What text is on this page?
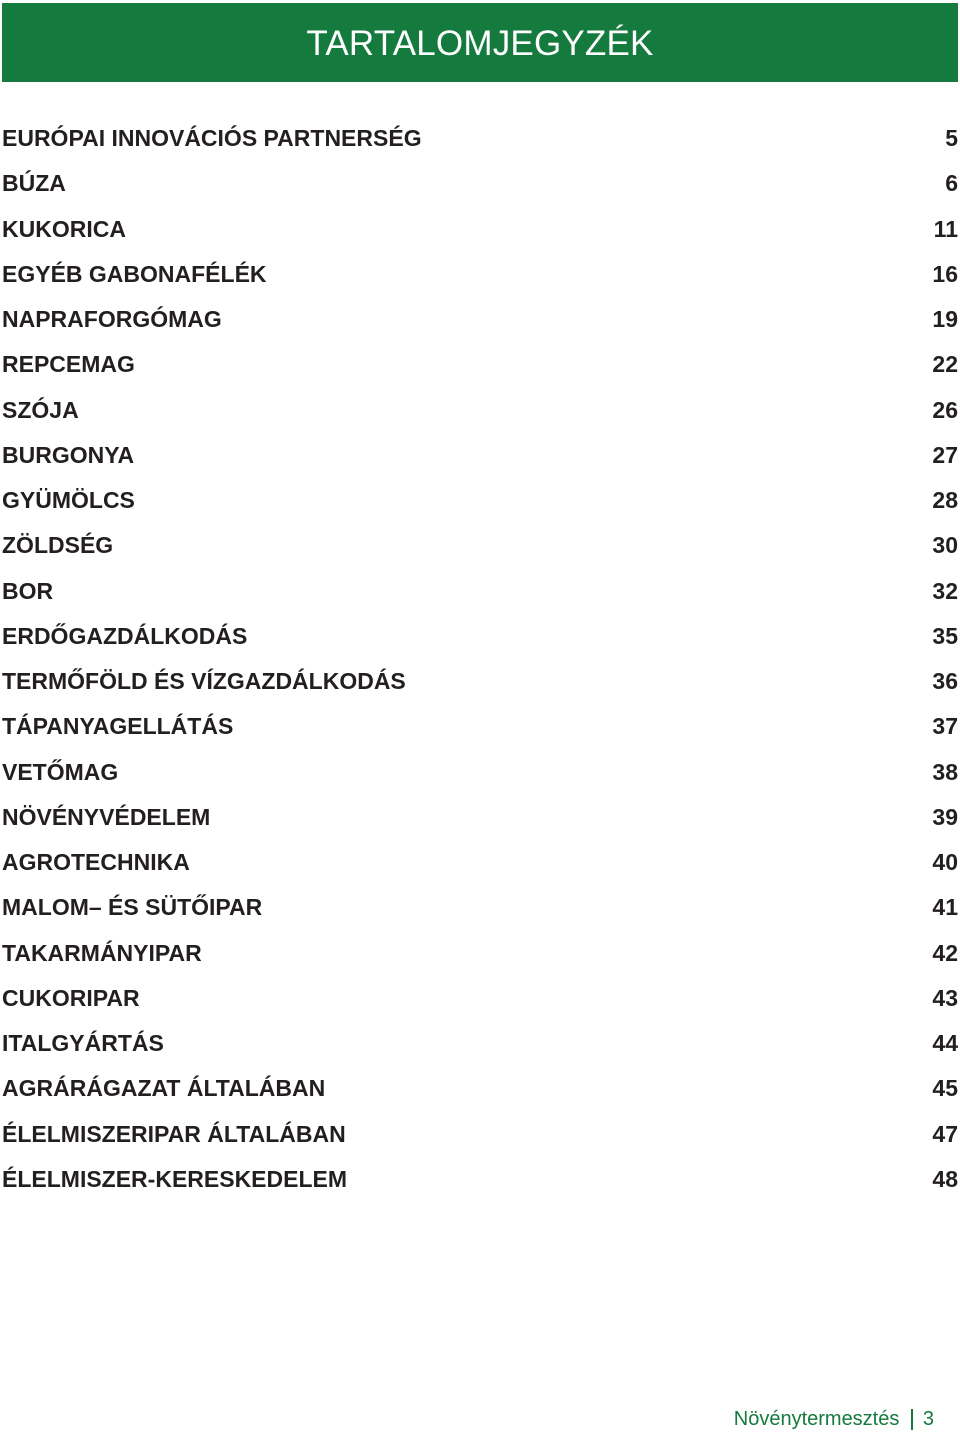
TARTALOMJEGYZÉK
EURÓPAI INNOVÁCIÓS PARTNERSÉG	5
BÚZA	6
KUKORICA	11
EGYÉB GABONAFÉLÉK	16
NAPRAFORGÓMAG	19
REPCEMAG	22
SZÓJA	26
BURGONYA	27
GYÜMÖLCS	28
ZÖLDSÉG	30
BOR	32
ERDŐGAZDÁLKODÁS	35
TERMŐFÖLD ÉS VÍZGAZDÁLKODÁS	36
TÁPANYAGELLÁTÁS	37
VETŐMAG	38
NÖVÉNYVÉDELEM	39
AGROTECHNIKA	40
MALOM– ÉS SÜTŐIPAR	41
TAKARMÁNYIPAR	42
CUKORIPAR	43
ITALGYÁRTÁS	44
AGRÁRÁGAZAT ÁLTALÁBAN	45
ÉLELMISZERIPAR ÁLTALÁBAN	47
ÉLELMISZER-KERESKEDELEM	48
Növénytermesztés 3
